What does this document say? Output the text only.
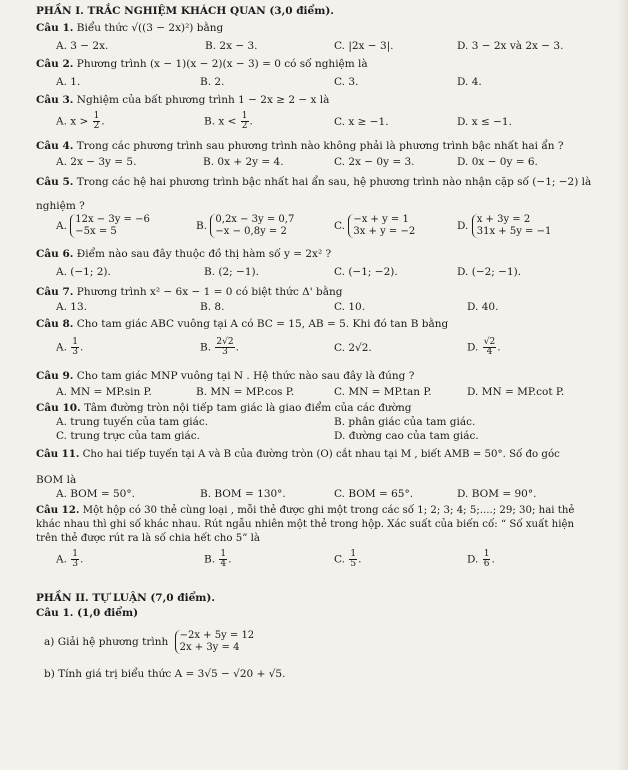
PHẦN I. TRẮC NGHIỆM KHÁCH QUAN (3,0 điểm).
Câu 1. Biểu thức √((3 − 2x)²) bằng
A. 3 − 2x.	B. 2x − 3.	C. |2x − 3|.	D. 3 − 2x và 2x − 3.
Câu 2. Phương trình (x − 1)(x − 2)(x − 3) = 0 có số nghiệm là
A. 1.	B. 2.	C. 3.	D. 4.
Câu 3. Nghiệm của bất phương trình 1 − 2x ≥ 2 − x là
A. $x > \frac{1}{2}$ .	B. $x < \frac{1}{2}$ .	C. x ≥ −1.	D. x ≤ −1.
Câu 4. Trong các phương trình sau phương trình nào không phải là phương trình bậc nhất hai ẩn ?
A. 2x − 3y = 5.	B. 0x + 2y = 4.	C. 2x − 0y = 3.	D. 0x − 0y = 6.
Câu 5. Trong các hệ hai phương trình bậc nhất hai ẩn sau, hệ phương trình nào nhận cặp số (−1; −2) là
nghiệm ?
A. 12x − 3y = −6
−5x = 5	B. 0,2x − 3y = 0,7
−x − 0,8y = 2	C. −x + y = 1
3x + y = −2	D. x + 3y = 2
31x + 5y = −1
Câu 6. Điểm nào sau đây thuộc đồ thị hàm số y = 2x² ?
A. (−1; 2).	B. (2; −1).	C. (−1; −2).	D. (−2; −1).
Câu 7. Phương trình x² − 6x − 1 = 0 có biệt thức Δ' bằng
A. 13.	B. 8.	C. 10.	D. 40.
Câu 8. Cho tam giác ABC vuông tại A có BC = 15, AB = 5. Khi đó tan B bằng
A. $\frac{1}{3}$ .	B. $\frac{2√2}{3}$ .	C. 2√2.	D. $\frac{√2}{4}$ .
Câu 9. Cho tam giác MNP vuông tại N . Hệ thức nào sau đây là đúng ?
A. MN = MP.sin P.	B. MN = MP.cos P.	C. MN = MP.tan P.	D. MN = MP.cot P.
Câu 10. Tâm đường tròn nội tiếp tam giác là giao điểm của các đường
A. trung tuyến của tam giác.	B. phân giác của tam giác.
C. trung trực của tam giác.	D. đường cao của tam giác.
Câu 11. Cho hai tiếp tuyến tại A và B của đường tròn (O) cắt nhau tại M , biết AMB = 50°. Số đo góc
BOM là
A. BOM = 50°.	B. BOM = 130°.	C. BOM = 65°.	D. BOM = 90°.
Câu 12. Một hộp có 30 thẻ cùng loại , mỗi thẻ được ghi một trong các số 1; 2; 3; 4; 5;....; 29; 30; hai thẻ
khác nhau thì ghi số khác nhau. Rút ngẫu nhiên một thẻ trong hộp. Xác suất của biến cố: “ Số xuất hiện
trên thẻ được rút ra là số chia hết cho 5” là
A. $\frac{1}{3}$ .	B. $\frac{1}{4}$ .	C. $\frac{1}{5}$ .	D. $\frac{1}{6}$ .
PHẦN II. TỰ LUẬN (7,0 điểm).
Câu 1. (1,0 điểm)
a) Giải hệ phương trình −2x + 5y = 12
2x + 3y = 4
b) Tính giá trị biểu thức A = 3√5 − √20 + √5.
